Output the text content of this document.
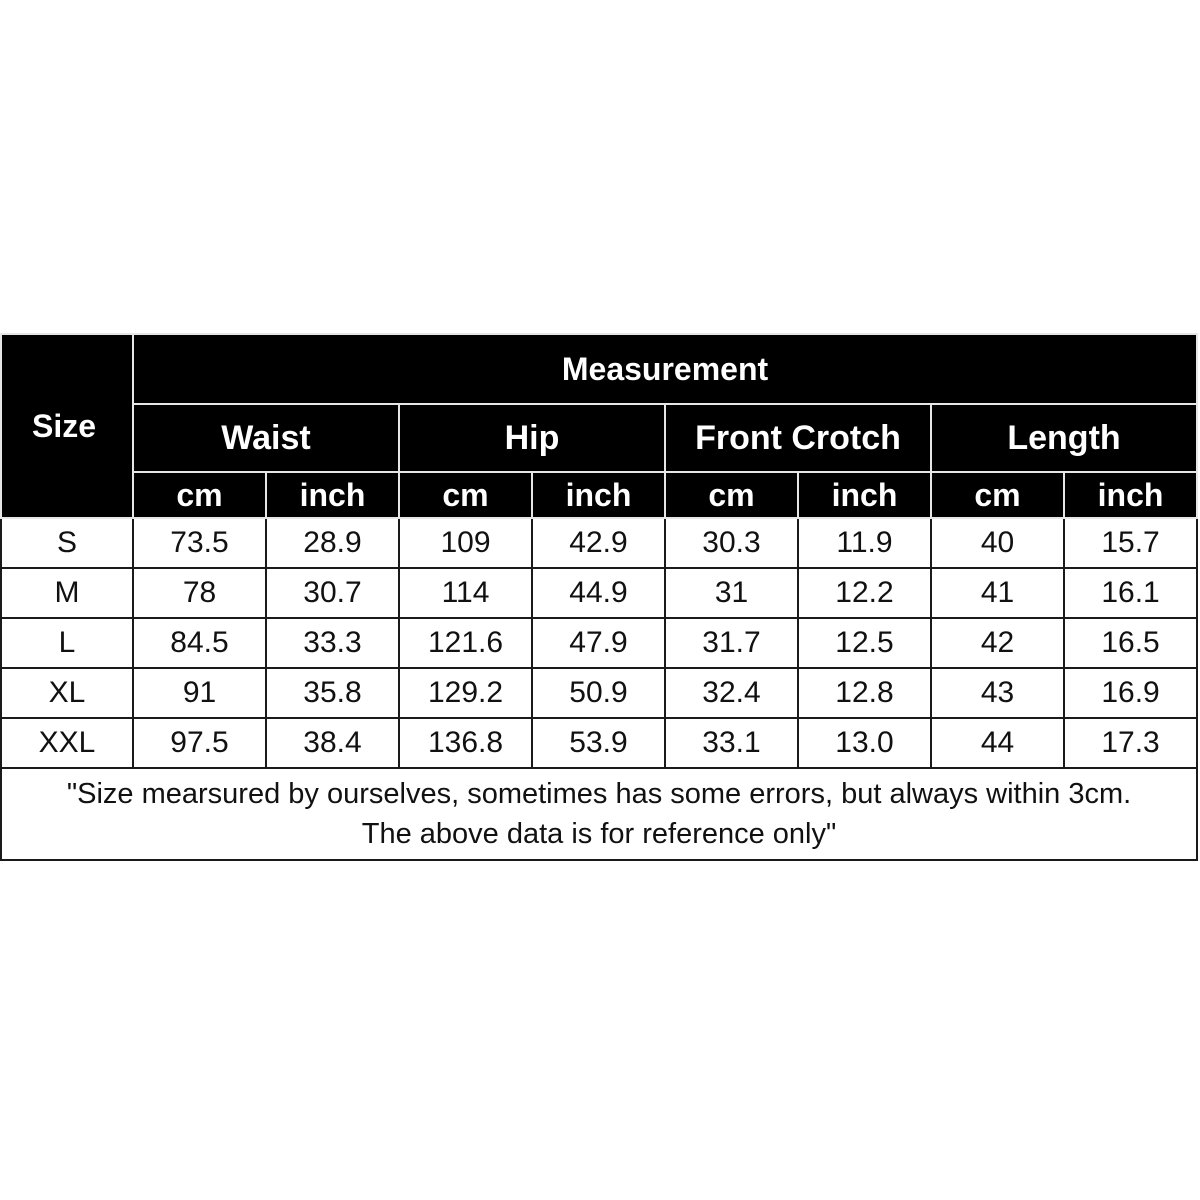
Size	Measurement							
	Waist		Hip		Front Crotch		Length	
	cm	inch	cm	inch	cm	inch	cm	inch
S	73.5	28.9	109	42.9	30.3	11.9	40	15.7
M	78	30.7	114	44.9	31	12.2	41	16.1
L	84.5	33.3	121.6	47.9	31.7	12.5	42	16.5
XL	91	35.8	129.2	50.9	32.4	12.8	43	16.9
XXL	97.5	38.4	136.8	53.9	33.1	13.0	44	17.3

"Size mearsured by ourselves, sometimes has some errors, but always within 3cm.
The above data is for reference only"								
